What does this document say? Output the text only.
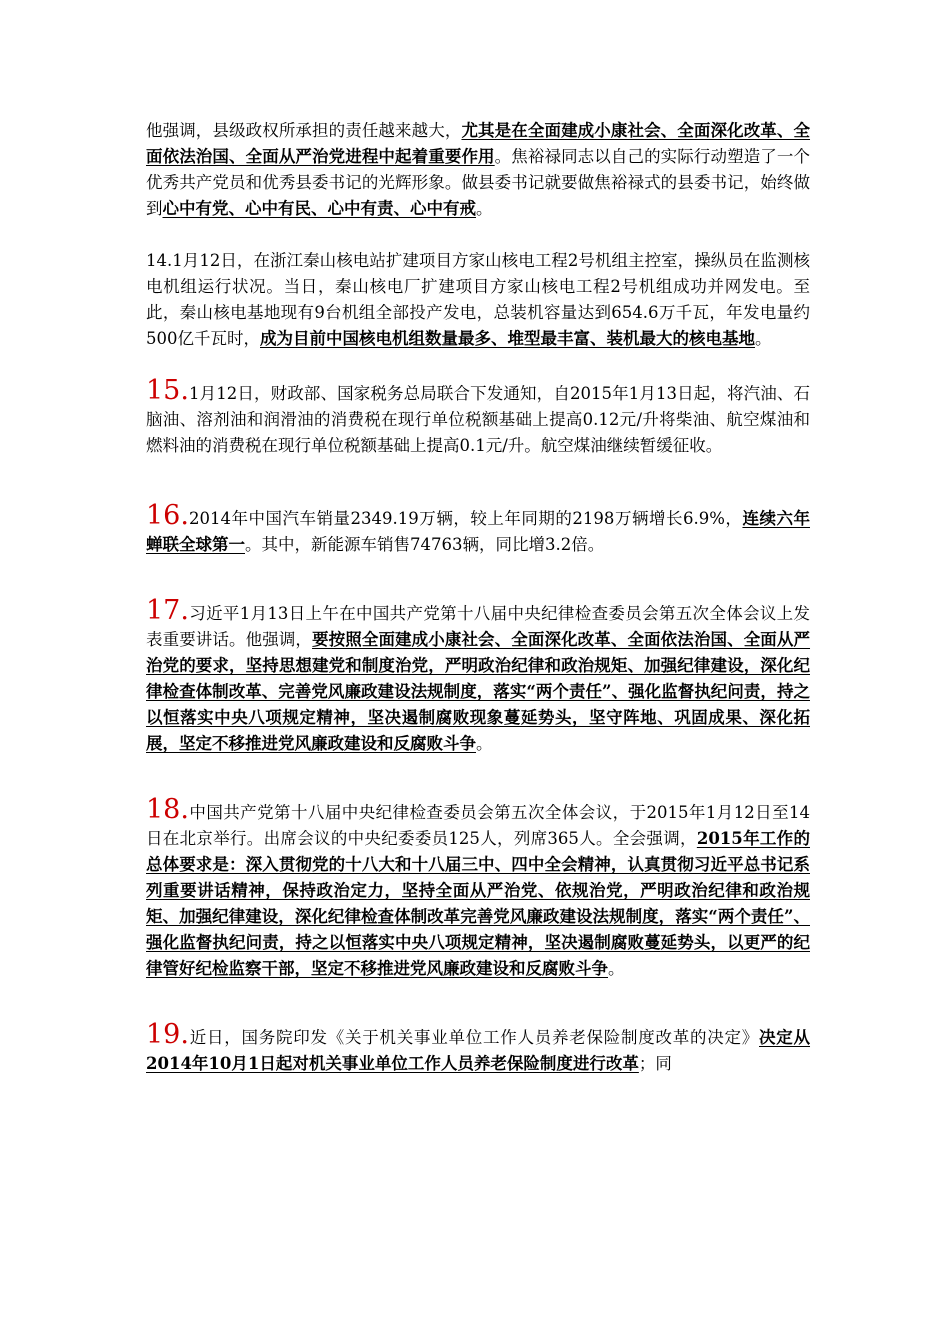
他强调，县级政权所承担的责任越来越大，尤其是在全面建成小康社会、全面深化改革、全面依法治国、全面从严治党进程中起着重要作用。焦裕禄同志以自己的实际行动塑造了一个优秀共产党员和优秀县委书记的光辉形象。做县委书记就要做焦裕禄式的县委书记，始终做到心中有党、心中有民、心中有责、心中有戒。

14.1月12日，在浙江秦山核电站扩建项目方家山核电工程2号机组主控室，操纵员在监测核电机组运行状况。当日，秦山核电厂扩建项目方家山核电工程2号机组成功并网发电。至此，秦山核电基地现有9台机组全部投产发电，总装机容量达到654.6万千瓦，年发电量约500亿千瓦时，成为目前中国核电机组数量最多、堆型最丰富、装机最大的核电基地。

15.1月12日，财政部、国家税务总局联合下发通知，自2015年1月13日起，将汽油、石脑油、溶剂油和润滑油的消费税在现行单位税额基础上提高0.12元/升将柴油、航空煤油和燃料油的消费税在现行单位税额基础上提高0.1元/升。航空煤油继续暂缓征收。

16.2014年中国汽车销量2349.19万辆，较上年同期的2198万辆增长6.9%，连续六年蝉联全球第一。其中，新能源车销售74763辆，同比增3.2倍。

17.习近平1月13日上午在中国共产党第十八届中央纪律检查委员会第五次全体会议上发表重要讲话。他强调，要按照全面建成小康社会、全面深化改革、全面依法治国、全面从严治党的要求，坚持思想建党和制度治党，严明政治纪律和政治规矩、加强纪律建设，深化纪律检查体制改革、完善党风廉政建设法规制度，落实“两个责任”、强化监督执纪问责，持之以恒落实中央八项规定精神，坚决遏制腐败现象蔓延势头，坚守阵地、巩固成果、深化拓展，坚定不移推进党风廉政建设和反腐败斗争。

18.中国共产党第十八届中央纪律检查委员会第五次全体会议，于2015年1月12日至14日在北京举行。出席会议的中央纪委委员125人，列席365人。全会强调，2015年工作的总体要求是：深入贯彻党的十八大和十八届三中、四中全会精神，认真贯彻习近平总书记系列重要讲话精神，保持政治定力，坚持全面从严治党、依规治党，严明政治纪律和政治规矩、加强纪律建设，深化纪律检查体制改革完善党风廉政建设法规制度，落实“两个责任”、强化监督执纪问责，持之以恒落实中央八项规定精神，坚决遏制腐败蔓延势头，以更严的纪律管好纪检监察干部，坚定不移推进党风廉政建设和反腐败斗争。

19.近日，国务院印发《关于机关事业单位工作人员养老保险制度改革的决定》决定从2014年10月1日起对机关事业单位工作人员养老保险制度进行改革；同
